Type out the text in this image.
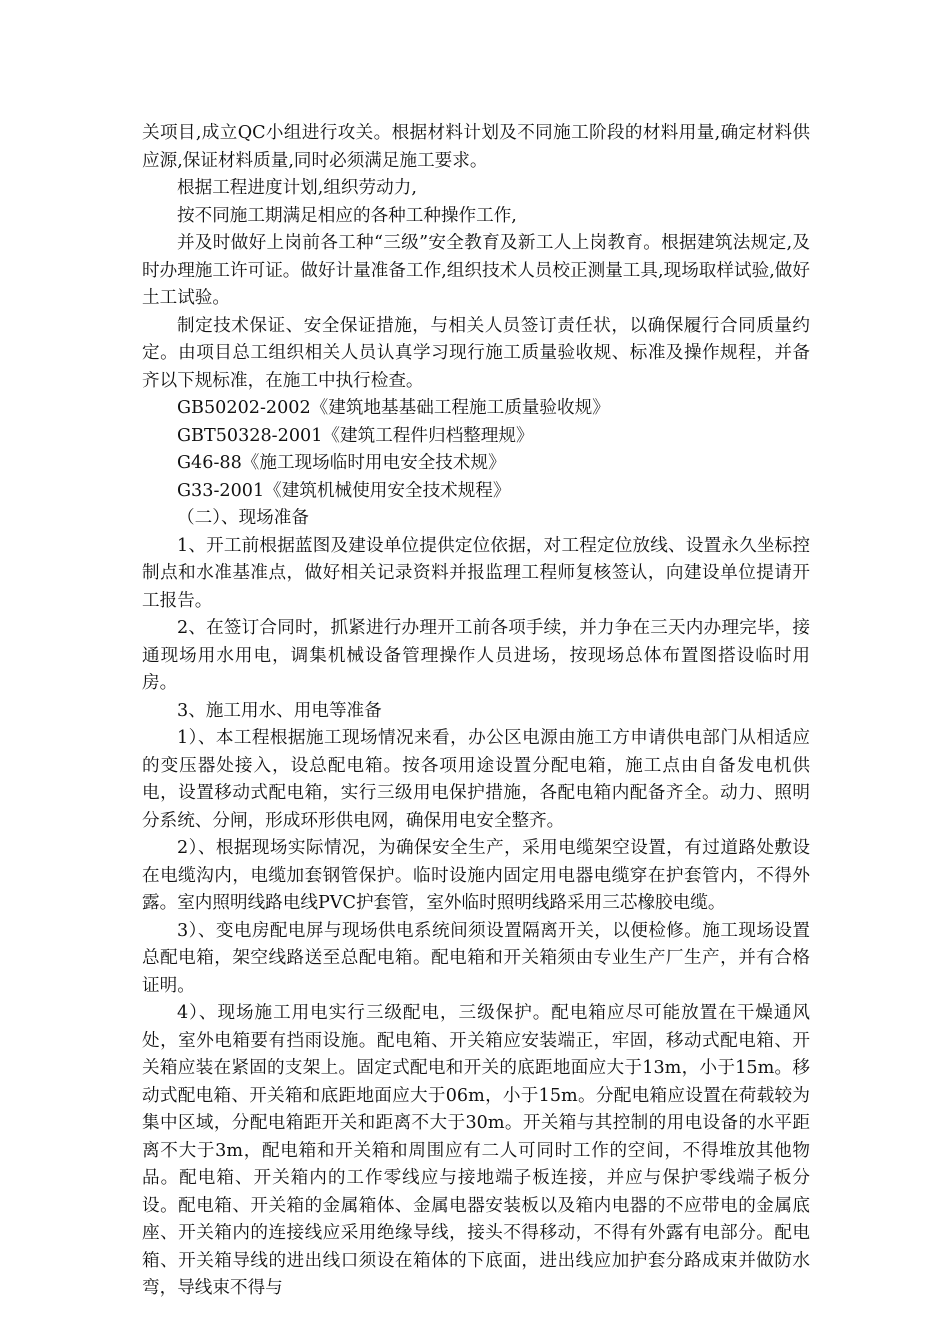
关项目,成立QC小组进行攻关。根据材料计划及不同施工阶段的材料用量,确定材料供应源,保证材料质量,同时必须满足施工要求。

根据工程进度计划,组织劳动力,

按不同施工期满足相应的各种工种操作工作,

并及时做好上岗前各工种“三级”安全教育及新工人上岗教育。根据建筑法规定,及时办理施工许可证。做好计量准备工作,组织技术人员校正测量工具,现场取样试验,做好土工试验。

制定技术保证、安全保证措施，与相关人员签订责任状，以确保履行合同质量约定。由项目总工组织相关人员认真学习现行施工质量验收规、标准及操作规程，并备齐以下规标准，在施工中执行检查。

GB50202-2002《建筑地基基础工程施工质量验收规》

GBT50328-2001《建筑工程件归档整理规》

G46-88《施工现场临时用电安全技术规》

G33-2001《建筑机械使用安全技术规程》

（二）、现场准备

1、开工前根据蓝图及建设单位提供定位依据，对工程定位放线、设置永久坐标控制点和水准基准点，做好相关记录资料并报监理工程师复核签认，向建设单位提请开工报告。

2、在签订合同时，抓紧进行办理开工前各项手续，并力争在三天内办理完毕，接通现场用水用电，调集机械设备管理操作人员进场，按现场总体布置图搭设临时用房。

3、施工用水、用电等准备

1）、本工程根据施工现场情况来看，办公区电源由施工方申请供电部门从相适应的变压器处接入，设总配电箱。按各项用途设置分配电箱，施工点由自备发电机供电，设置移动式配电箱，实行三级用电保护措施，各配电箱内配备齐全。动力、照明分系统、分闸，形成环形供电网，确保用电安全整齐。

2）、根据现场实际情况，为确保安全生产，采用电缆架空设置，有过道路处敷设在电缆沟内，电缆加套钢管保护。临时设施内固定用电器电缆穿在护套管内，不得外露。室内照明线路电线PVC护套管，室外临时照明线路采用三芯橡胶电缆。

3）、变电房配电屏与现场供电系统间须设置隔离开关，以便检修。施工现场设置总配电箱，架空线路送至总配电箱。配电箱和开关箱须由专业生产厂生产，并有合格证明。

4）、现场施工用电实行三级配电，三级保护。配电箱应尽可能放置在干燥通风处，室外电箱要有挡雨设施。配电箱、开关箱应安装端正，牢固，移动式配电箱、开关箱应装在紧固的支架上。固定式配电和开关的底距地面应大于13m，小于15m。移动式配电箱、开关箱和底距地面应大于06m，小于15m。分配电箱应设置在荷载较为集中区域，分配电箱距开关和距离不大于30m。开关箱与其控制的用电设备的水平距离不大于3m，配电箱和开关箱和周围应有二人可同时工作的空间，不得堆放其他物品。配电箱、开关箱内的工作零线应与接地端子板连接，并应与保护零线端子板分设。配电箱、开关箱的金属箱体、金属电器安装板以及箱内电器的不应带电的金属底座、开关箱内的连接线应采用绝缘导线，接头不得移动，不得有外露有电部分。配电箱、开关箱导线的进出线口须设在箱体的下底面，进出线应加护套分路成束并做防水弯，导线束不得与
